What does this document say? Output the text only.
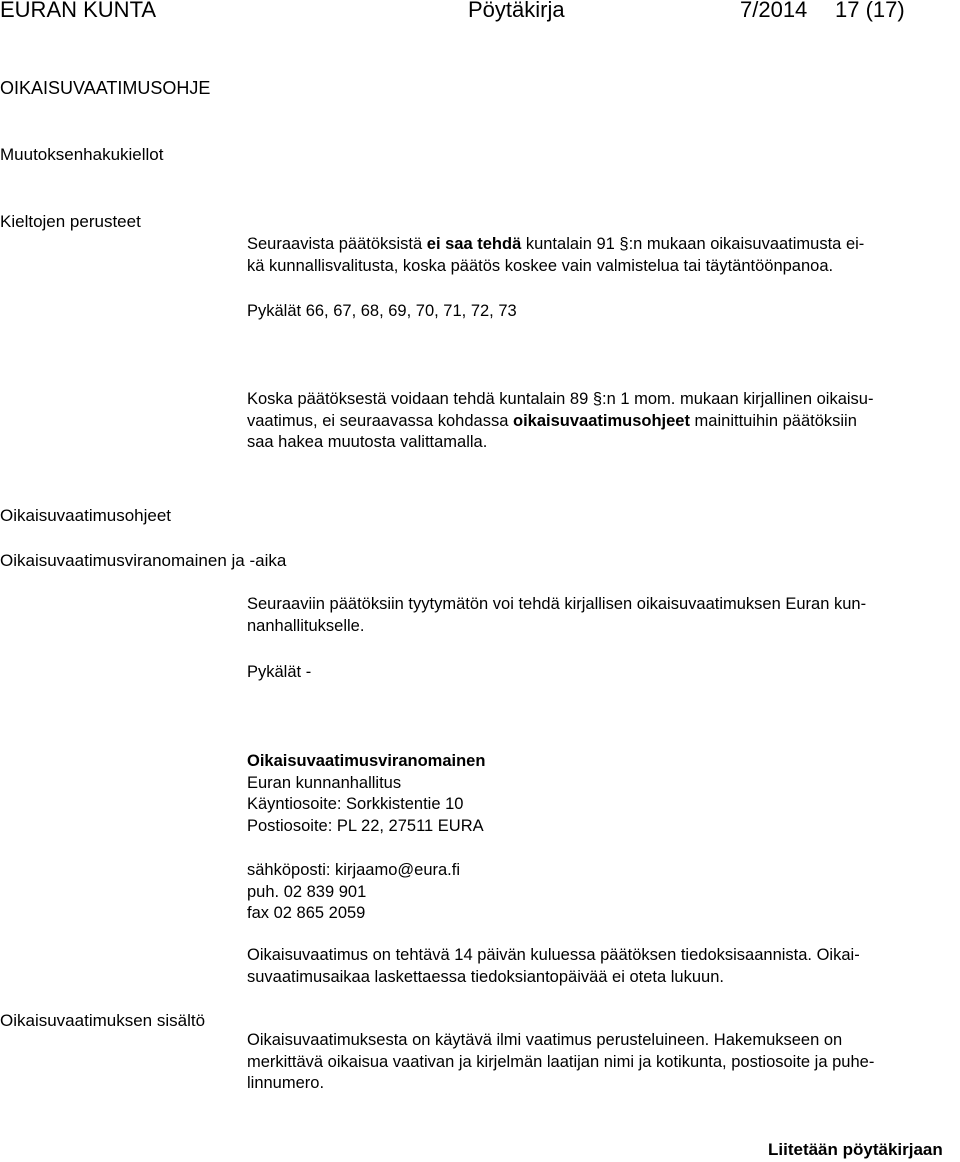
EURAN KUNTA	Pöytäkirja	7/2014 17 (17)
OIKAISUVAATIMUSOHJE
Muutoksenhakukiellot
Kieltojen perusteet
Seuraavista päätöksistä ei saa tehdä kuntalain 91 §:n mukaan oikaisuvaatimusta ei-
kä kunnallisvalitusta, koska päätös koskee vain valmistelua tai täytäntöönpanoa.
Pykälät 66, 67, 68, 69, 70, 71, 72, 73
Koska päätöksestä voidaan tehdä kuntalain 89 §:n 1 mom. mukaan kirjallinen oikaisu-
vaatimus, ei seuraavassa kohdassa oikaisuvaatimusohjeet mainittuihin päätöksiin
saa hakea muutosta valittamalla.
Oikaisuvaatimusohjeet
Oikaisuvaatimusviranomainen ja -aika
Seuraaviin päätöksiin tyytymätön voi tehdä kirjallisen oikaisuvaatimuksen Euran kun-
nanhallitukselle.
Pykälät -
Oikaisuvaatimusviranomainen
Euran kunnanhallitus
Käyntiosoite: Sorkkistentie 10
Postiosoite: PL 22, 27511 EURA
sähköposti: kirjaamo@eura.fi
puh. 02 839 901
fax 02 865 2059
Oikaisuvaatimus on tehtävä 14 päivän kuluessa päätöksen tiedoksisaannista. Oikai-
suvaatimusaikaa laskettaessa tiedoksiantopäivää ei oteta lukuun.
Oikaisuvaatimuksen sisältö
Oikaisuvaatimuksesta on käytävä ilmi vaatimus perusteluineen. Hakemukseen on
merkittävä oikaisua vaativan ja kirjelmän laatijan nimi ja kotikunta, postiosoite ja puhe-
linnumero.
Liitetään pöytäkirjaan
